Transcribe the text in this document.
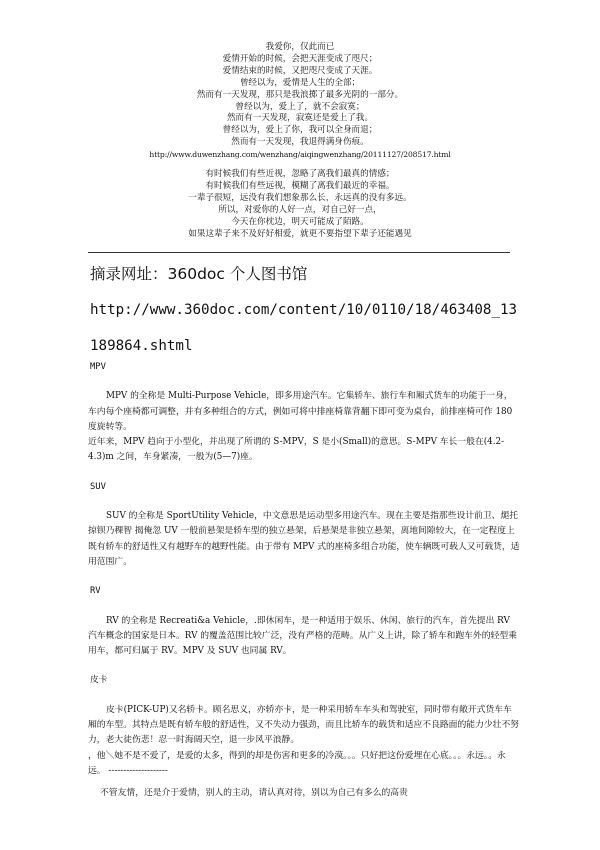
我爱你，仅此而已
爱情开始的时候，会把天涯变成了咫尺；
爱情结束的时候，又把咫尺变成了天涯。
曾经以为，爱情是人生的全部；
然而有一天发现，那只是我浪掷了最多光阴的一部分。
曾经以为，爱上了，就不会寂寞；
然而有一天发现，寂寞还是爱上了我。
曾经以为，爱上了你，我可以全身而退；
然而有一天发现，我退得满身伤痕。
http://www.duwenzhang.com/wenzhang/aiqingwenzhang/20111127/208517.html
有时候我们有些近视，忽略了离我们最真的情感；
有时候我们有些远视，模糊了离我们最近的幸福。
一辈子很短，远没有我们想象那么长，永远真的没有多远。
所以，对爱你的人好一点，对自己好一点，
今天在你枕边，明天可能成了陌路。
如果这辈子来不及好好相爱，就更不要指望下辈子还能遇见
摘录网址：360doc 个人图书馆
http://www.360doc.com/content/10/0110/18/463408_13189864.shtml
MPV

MPV 的全称是 Multi-Purpose Vehicle，即多用途汽车。它集轿车、旅行车和厢式货车的功能于一身，车内每个座椅都可调整，并有多种组合的方式，例如可将中排座椅靠背翻下即可变为桌台，前排座椅可作 180度旋转等。

近年来，MPV 趋向于小型化，并出现了所谓的 S-MPV，S 是小(Small)的意思。S-MPV 车长一般在(4.2-4.3)m 之间，车身紧凑，一般为(5—7)座。

SUV

SUV 的全称是 SportUtility Vehicle，中文意思是运动型多用途汽车。现在主要是指那些设计前卫、煺托掠钡乃稞智 揭俺忽 UV 一般前悬架是轿车型的独立悬架，后悬架是非独立悬架，离地间隙较大，在一定程度上既有轿车的舒适性又有越野车的越野性能。由于带有 MPV 式的座椅多组合功能，使车辆既可载人又可载货，适用范围广。

RV

RV 的全称是 Recreati&a Vehicle，.即休闲车，是一种适用于娱乐、休闲、旅行的汽车，首先提出 RV 汽车概念的国家是日本。RV 的覆盖范围比较广泛，没有严格的范畴。从广义上讲，除了轿车和跑车外的轻型乘用车，都可归属于 RV。MPV 及 SUV 也同属 RV。

皮卡

皮卡(PICK-UP)又名轿卡。顾名思义，亦轿亦卡，是一种采用轿车车头和驾驶室，同时带有敞开式货车车厢的车型。其特点是既有轿车般的舒适性，又不失动力强劲，而且比轿车的载货和适应不良路面的能力少壮不努力，老大徒伤悲！忍一时海阔天空，退一步风平浪静。

，他＼她不是不爱了，是爱的太多，得到的却是伤害和更多的冷漠。。。只好把这份爱埋在心底。。。永远。。永远。 --------------------

不管友情，还是介于爱情，别人的主动，请认真对待，别以为自己有多么的高贵
